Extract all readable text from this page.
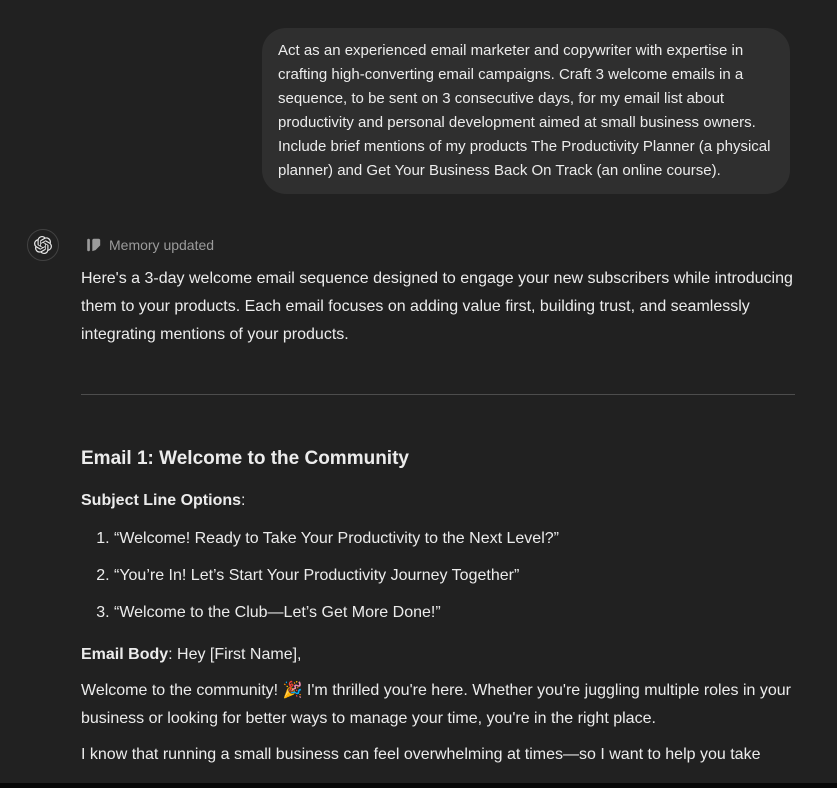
Act as an experienced email marketer and copywriter with expertise in crafting high-converting email campaigns. Craft 3 welcome emails in a sequence, to be sent on 3 consecutive days, for my email list about productivity and personal development aimed at small business owners. Include brief mentions of my products The Productivity Planner (a physical planner) and Get Your Business Back On Track (an online course).
Memory updated

Here's a 3-day welcome email sequence designed to engage your new subscribers while introducing them to your products. Each email focuses on adding value first, building trust, and seamlessly integrating mentions of your products.

Email 1: Welcome to the Community

Subject Line Options:

1. “Welcome! Ready to Take Your Productivity to the Next Level?”
2. “You’re In! Let’s Start Your Productivity Journey Together”
3. “Welcome to the Club—Let’s Get More Done!”

Email Body: Hey [First Name],

Welcome to the community! 🎉 I'm thrilled you're here. Whether you're juggling multiple roles in your business or looking for better ways to manage your time, you're in the right place.

I know that running a small business can feel overwhelming at times—so I want to help you take
